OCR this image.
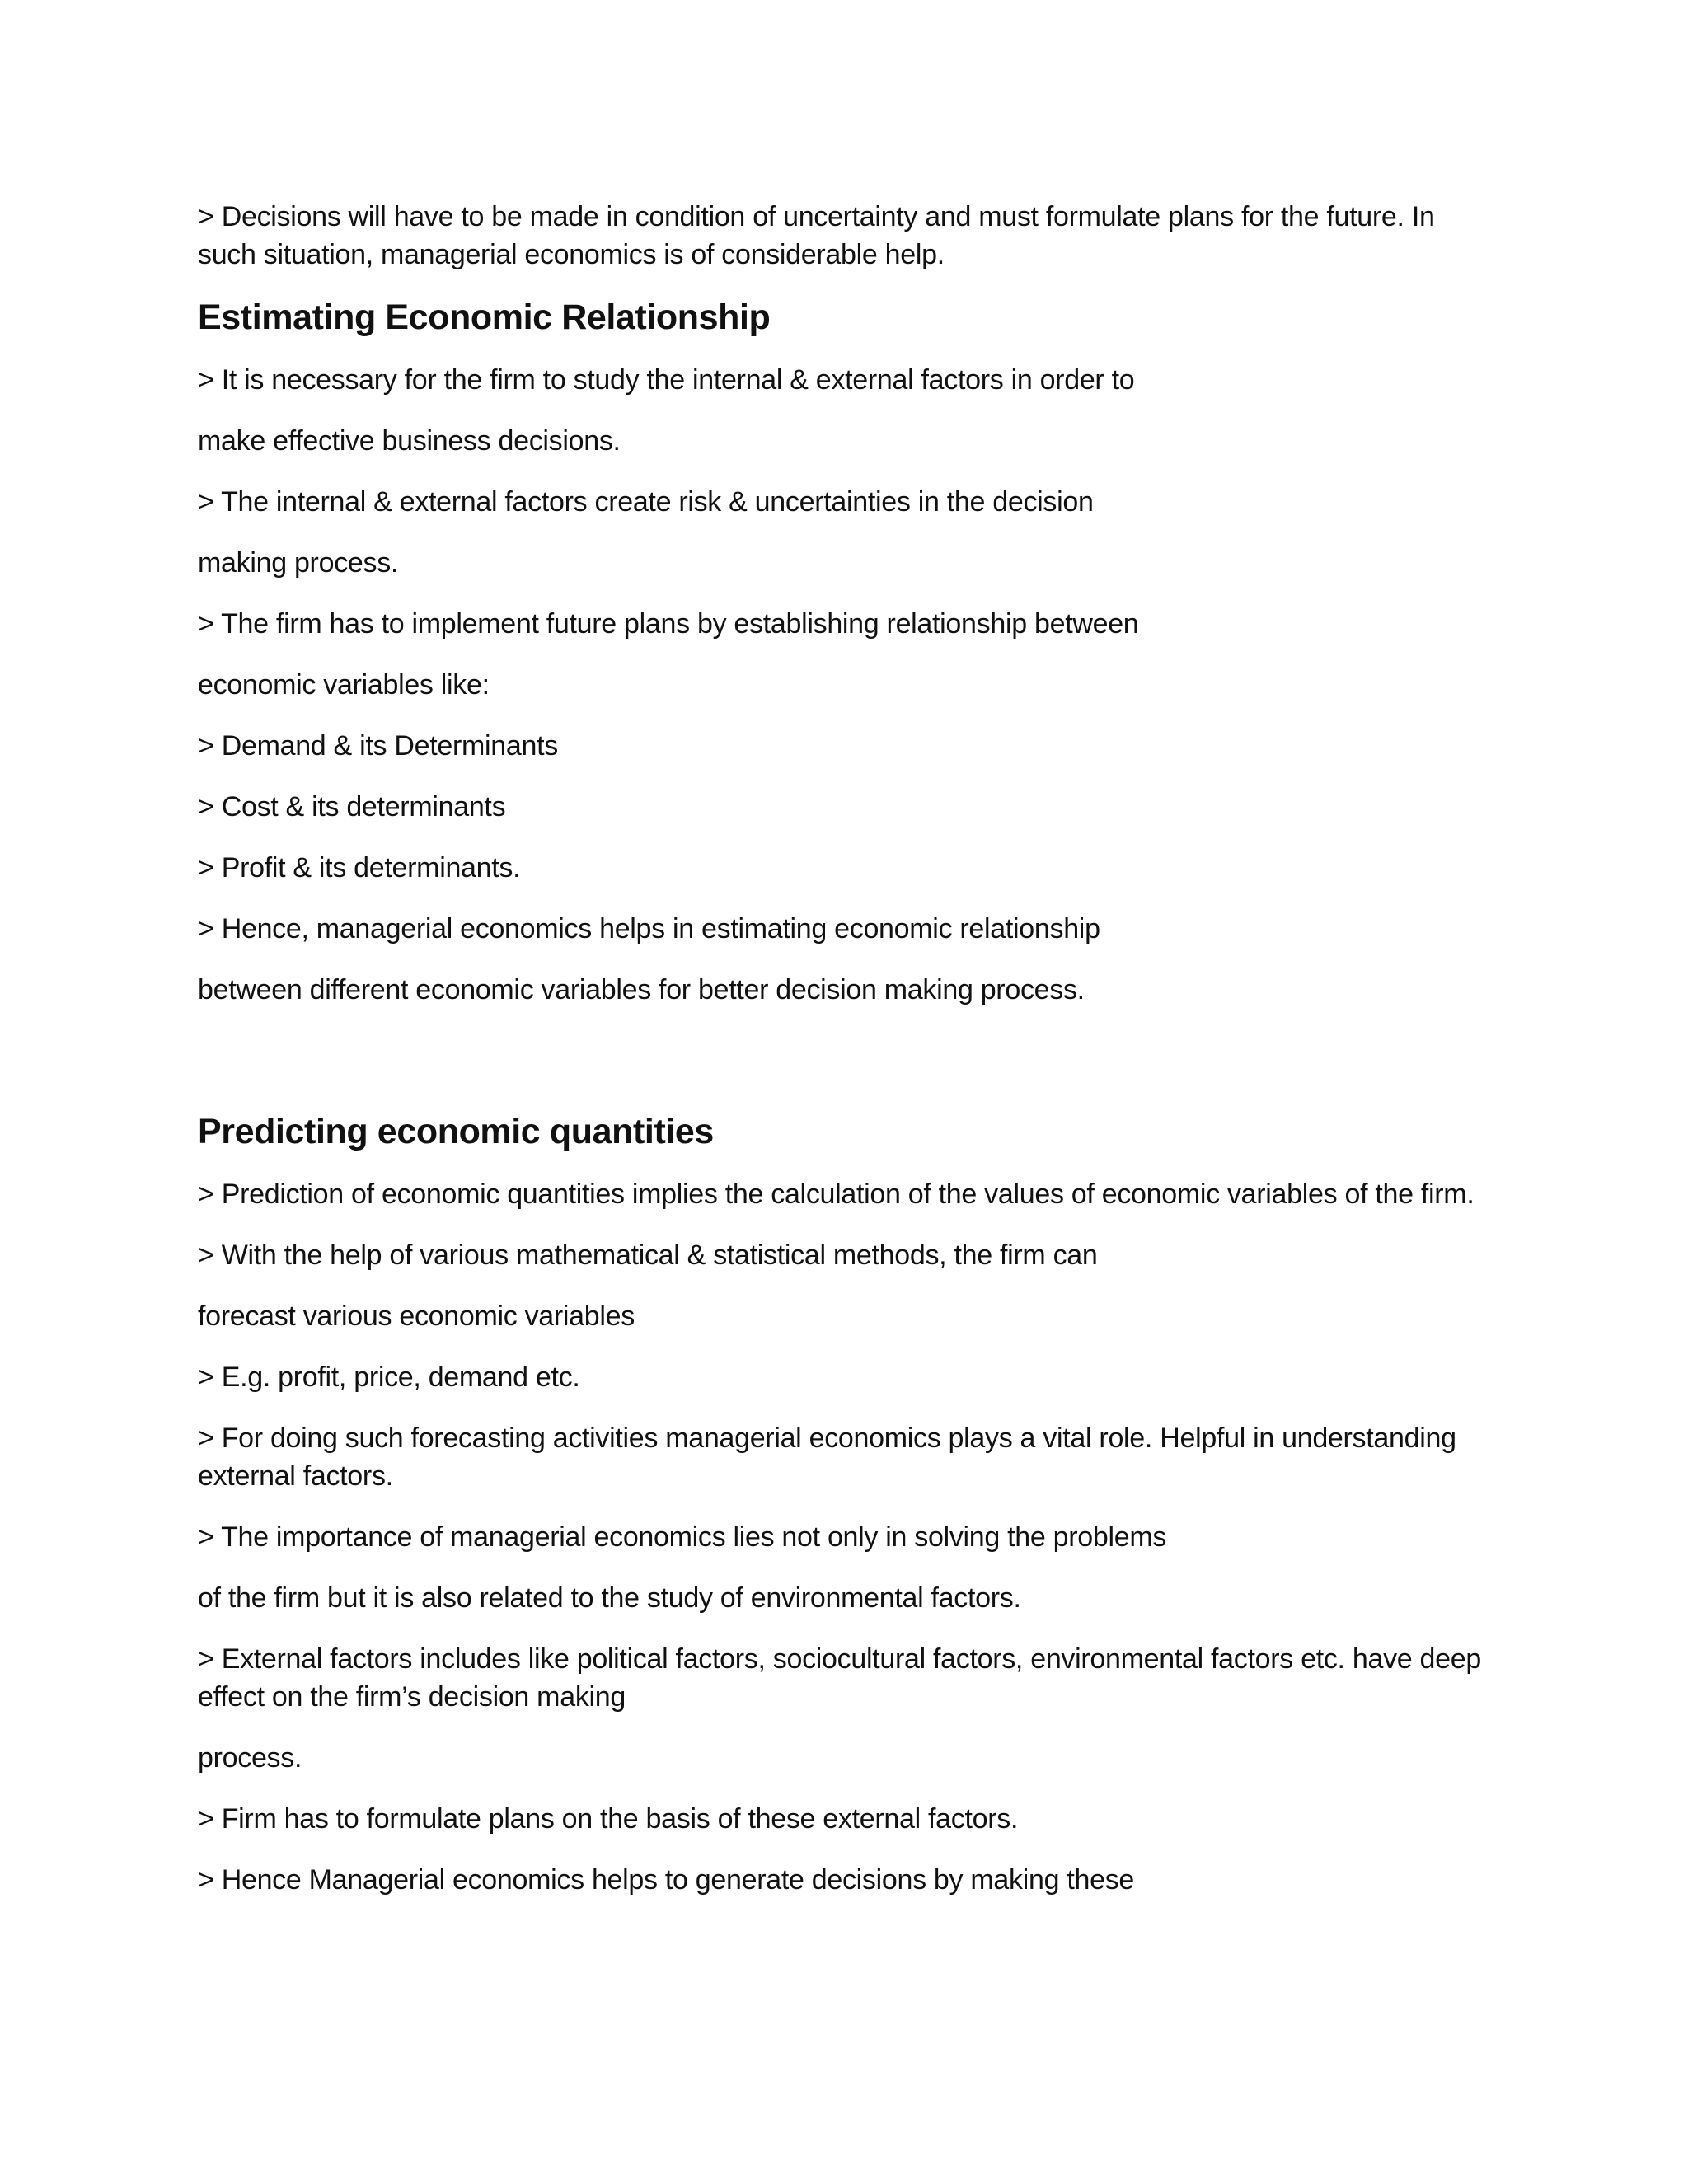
> Decisions will have to be made in condition of uncertainty and must formulate plans for the future. In such situation, managerial economics is of considerable help.

Estimating Economic Relationship

> It is necessary for the firm to study the internal & external factors in order to

make effective business decisions.

> The internal & external factors create risk & uncertainties in the decision

making process.

> The firm has to implement future plans by establishing relationship between

economic variables like:

> Demand & its Determinants

> Cost & its determinants

> Profit & its determinants.

> Hence, managerial economics helps in estimating economic relationship

between different economic variables for better decision making process.

Predicting economic quantities

> Prediction of economic quantities implies the calculation of the values of economic variables of the firm.

> With the help of various mathematical & statistical methods, the firm can

forecast various economic variables

> E.g. profit, price, demand etc.

> For doing such forecasting activities managerial economics plays a vital role. Helpful in understanding external factors.

> The importance of managerial economics lies not only in solving the problems

of the firm but it is also related to the study of environmental factors.

> External factors includes like political factors, sociocultural factors, environmental factors etc. have deep effect on the firm’s decision making

process.

> Firm has to formulate plans on the basis of these external factors.

> Hence Managerial economics helps to generate decisions by making these
